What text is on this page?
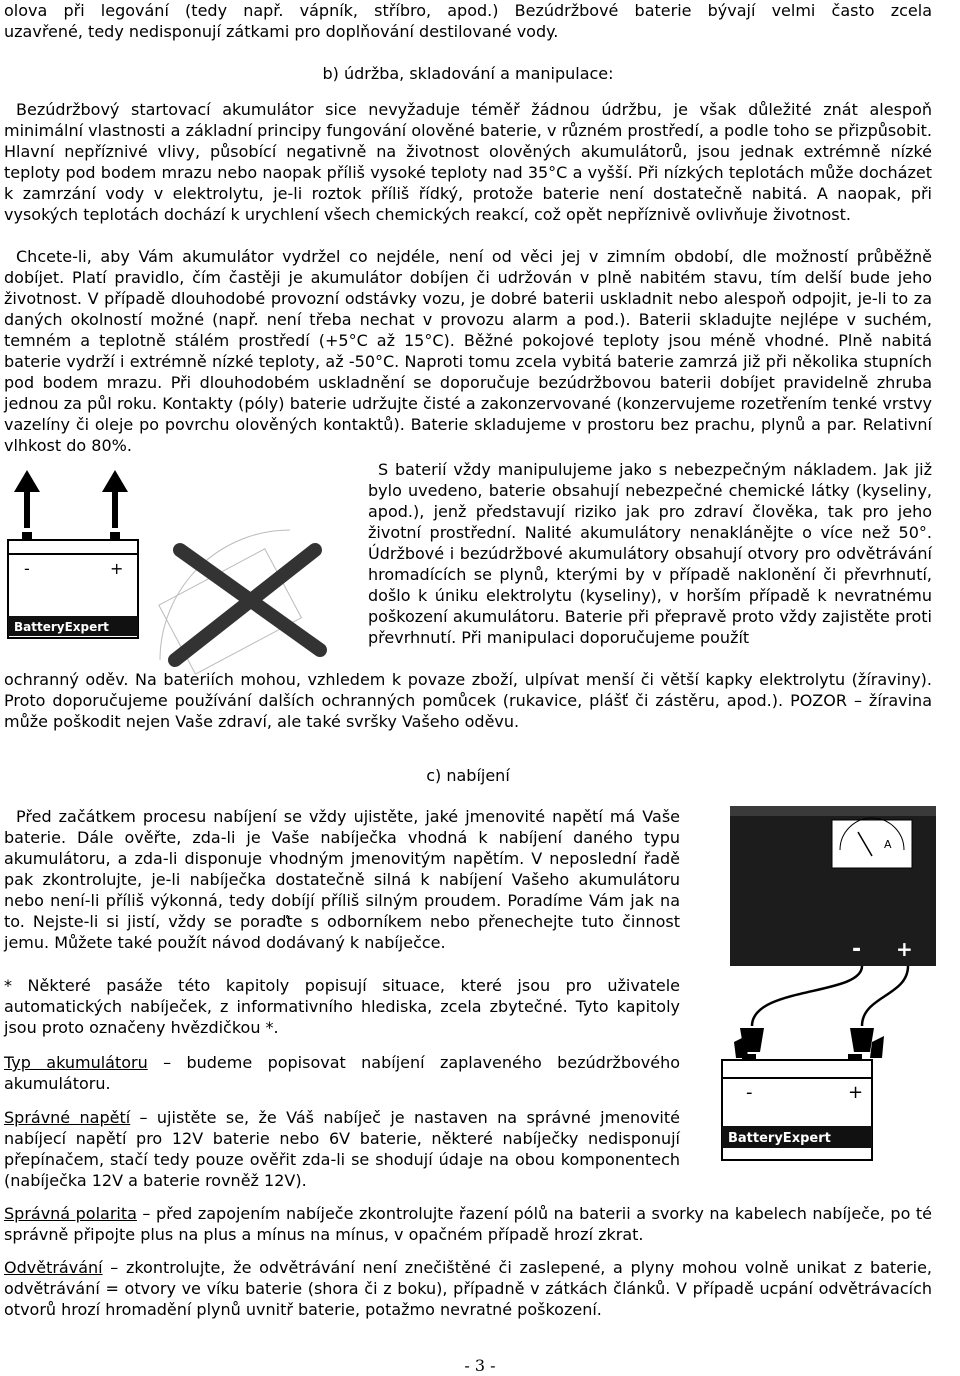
olova při legování (tedy např. vápník, stříbro, apod.) Bezúdržbové baterie bývají velmi často zcela

uzavřené, tedy nedisponují zátkami pro doplňování destilované vody.

b) údržba, skladování a manipulace:

Bezúdržbový startovací akumulátor sice nevyžaduje téměř žádnou údržbu, je však důležité znát alespoň minimální vlastnosti a základní principy fungování olověné baterie, v různém prostředí, a podle toho se přizpůsobit. Hlavní nepříznivé vlivy, působící negativně na životnost olověných akumulátorů, jsou jednak extrémně nízké teploty pod bodem mrazu nebo naopak příliš vysoké teploty nad 35°C a vyšší. Při nízkých teplotách může docházet k zamrzání vody v elektrolytu, je-li roztok příliš řídký, protože baterie není dostatečně nabitá. A naopak, při vysokých teplotách dochází k urychlení všech chemických reakcí, což opět nepříznivě ovlivňuje životnost.

Chcete-li, aby Vám akumulátor vydržel co nejdéle, není od věci jej v zimním období, dle možností průběžně dobíjet. Platí pravidlo, čím častěji je akumulátor dobíjen či udržován v plně nabitém stavu, tím delší bude jeho životnost. V případě dlouhodobé provozní odstávky vozu, je dobré baterii uskladnit nebo alespoň odpojit, je-li to za daných okolností možné (např. není třeba nechat v provozu alarm a pod.). Baterii skladujte nejlépe v suchém, temném a teplotně stálém prostředí (+5°C až 15°C). Běžné pokojové teploty jsou méně vhodné. Plně nabitá baterie vydrží i extrémně nízké teploty, až -50°C. Naproti tomu zcela vybitá baterie zamrzá již při několika stupních pod bodem mrazu. Při dlouhodobém uskladnění se doporučuje bezúdržbovou baterii dobíjet pravidelně zhruba jednou za půl roku. Kontakty (póly) baterie udržujte čisté a zakonzervované (konzervujeme rozetřením tenké vrstvy vazelíny či oleje po povrchu olověných kontaktů). Baterie skladujeme v prostoru bez prachu, plynů a par. Relativní vlhkost do 80%.

-	+
BatteryExpert

S baterií vždy manipulujeme jako s nebezpečným nákladem. Jak již bylo uvedeno, baterie obsahují nebezpečné chemické látky (kyseliny, apod.), jenž představují riziko jak pro zdraví člověka, tak pro jeho životní prostřední. Nalité akumulátory nenaklánějte o více než 50°. Údržbové i bezúdržbové akumulátory obsahují otvory pro odvětrávání hromadících se plynů, kterými by v případě naklonění či převrhnutí, došlo k úniku elektrolytu (kyseliny), v horším případě k nevratnému poškození akumulátoru. Baterie při přepravě proto vždy zajistěte proti převrhnutí. Při manipulaci doporučujeme použít

ochranný oděv. Na bateriích mohou, vzhledem k povaze zboží, ulpívat menší či větší kapky elektrolytu (žíraviny). Proto doporučujeme používání dalších ochranných pomůcek (rukavice, plášť či zástěru, apod.). POZOR – žíravina může poškodit nejen Vaše zdraví, ale také svršky Vašeho oděvu.

c) nabíjení

Před začátkem procesu nabíjení se vždy ujistěte, jaké jmenovité napětí má Vaše baterie. Dále ověřte, zda-li je Vaše nabíječka vhodná k nabíjení daného typu akumulátoru, a zda-li disponuje vhodným jmenovitým napětím. V neposlední řadě pak zkontrolujte, je-li nabíječka dostatečně silná k nabíjení Vašeho akumulátoru nebo není-li příliš výkonná, tedy dobíjí příliš silným proudem. Poradíme Vám jak na to. Nejste-li si jistí, vždy se poraďte s odborníkem nebo přenechejte tuto činnost jemu. Můžete také použít návod dodávaný k nabíječce.

* Některé pasáže této kapitoly popisují situace, které jsou pro uživatele automatických nabíječek, z informativního hlediska, zcela zbytečné. Tyto kapitoly jsou proto označeny hvězdičkou *.

Typ akumulátoru – budeme popisovat nabíjení zaplaveného bezúdržbového akumulátoru.

Správné napětí – ujistěte se, že Váš nabíječ je nastaven na správné jmenovité nabíjecí napětí pro 12V baterie nebo 6V baterie, některé nabíječky nedisponují přepínačem, stačí tedy pouze ověřit zda-li se shodují údaje na obou komponentech (nabíječka 12V a baterie rovněž 12V).

Správná polarita – před zapojením nabíječe zkontrolujte řazení pólů na baterii a svorky na kabelech nabíječe, po té správně připojte plus na plus a mínus na mínus, v opačném případě hrozí zkrat.

Odvětrávání – zkontrolujte, že odvětrávání není znečištěné či zaslepené, a plyny mohou volně unikat z baterie, odvětrávání = otvory ve víku baterie (shora či z boku), případně v zátkách článků. V případě ucpání odvětrávacích otvorů hrozí hromadění plynů uvnitř baterie, potažmo nevratné poškození.

A
- +
-	+
BatteryExpert

- 3 -
